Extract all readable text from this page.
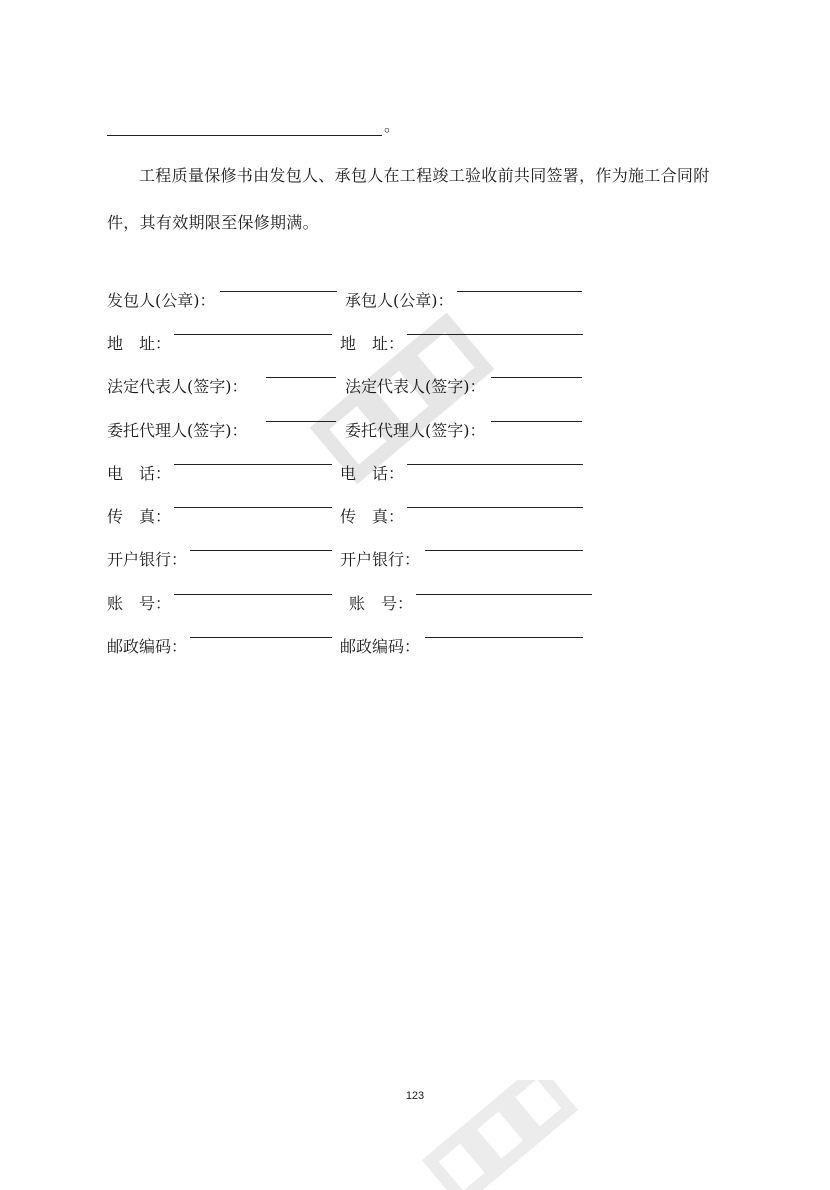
。
工程质量保修书由发包人、承包人在工程竣工验收前共同签署，作为施工合同附件，其有效期限至保修期满。
发包人(公章)：	承包人(公章)：
地　址：	地　址：
法定代表人(签字)：	法定代表人(签字)：
委托代理人(签字)：	委托代理人(签字)：
电　话：	电　话：
传　真：	传　真：
开户银行：	开户银行：
账　号：	账　号：
邮政编码：	邮政编码：
123
